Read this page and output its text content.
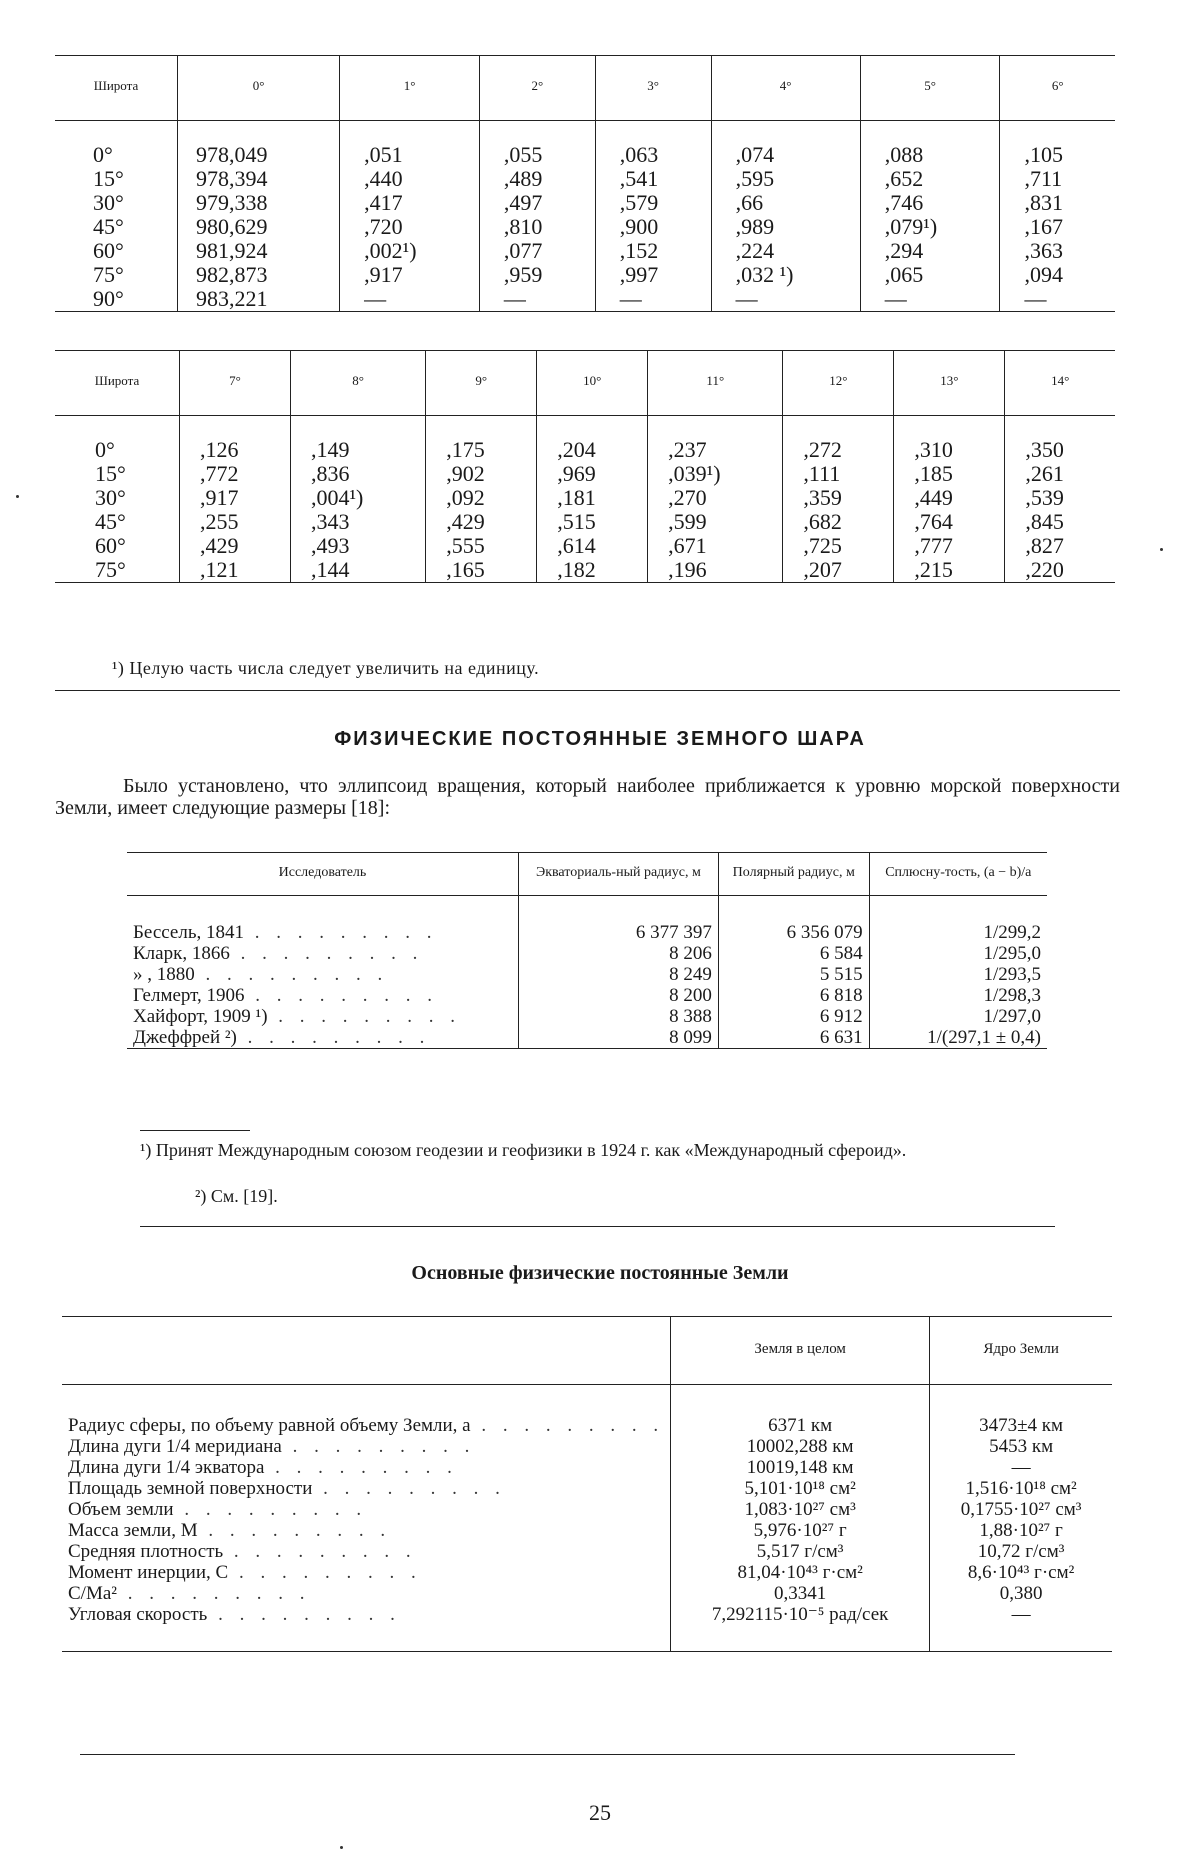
Широта	0°	1°	2°	3°	4°	5°	6°
0°	978,049	,051	,055	,063	,074	,088	,105
15°	978,394	,440	,489	,541	,595	,652	,711
30°	979,338	,417	,497	,579	,66	,746	,831
45°	980,629	,720	,810	,900	,989	,079¹)	,167
60°	981,924	,002¹)	,077	,152	,224	,294	,363
75°	982,873	,917	,959	,997	,032 ¹)	,065	,094
90°	983,221	—	—	—	—	—	—
Широта	7°	8°	9°	10°	11°	12°	13°	14°
0°	,126	,149	,175	,204	,237	,272	,310	,350
15°	,772	,836	,902	,969	,039¹)	,111	,185	,261
30°	,917	,004¹)	,092	,181	,270	,359	,449	,539
45°	,255	,343	,429	,515	,599	,682	,764	,845
60°	,429	,493	,555	,614	,671	,725	,777	,827
75°	,121	,144	,165	,182	,196	,207	,215	,220
¹) Целую часть числа следует увеличить на единицу.
ФИЗИЧЕСКИЕ ПОСТОЯННЫЕ ЗЕМНОГО ШАРА
Было установлено, что эллипсоид вращения, который наиболее приближается к уровню морской поверхности Земли, имеет следующие размеры [18]:
Исследователь	Экваториаль-ный радиус, м	Полярный радиус, м	Сплюсну-тость, (a − b)/a
Бессель, 1841 . . . . . . . . .	6 377 397	6 356 079	1/299,2
Кларк, 1866 . . . . . . . . .	8 206	6 584	1/295,0
» , 1880 . . . . . . . . .	8 249	5 515	1/293,5
Гелмерт, 1906 . . . . . . . . .	8 200	6 818	1/298,3
Хайфорт, 1909 ¹) . . . . . . . . .	8 388	6 912	1/297,0
Джеффрей ²) . . . . . . . . .	8 099	6 631	1/(297,1 ± 0,4)
¹) Принят Международным союзом геодезии и геофизики в 1924 г. как «Международный сфероид».
²) См. [19].
Основные физические постоянные Земли
	Земля в целом	Ядро Земли
Радиус сферы, по объему равной объему Земли, a . . . . . . . . .	6371 км	3473±4 км
Длина дуги 1/4 меридиана . . . . . . . . .	10002,288 км	5453 км
Длина дуги 1/4 экватора . . . . . . . . .	10019,148 км	—
Площадь земной поверхности . . . . . . . . .	5,101·10¹⁸ см²	1,516·10¹⁸ см²
Объем земли . . . . . . . . .	1,083·10²⁷ см³	0,1755·10²⁷ см³
Масса земли, M . . . . . . . . .	5,976·10²⁷ г	1,88·10²⁷ г
Средняя плотность . . . . . . . . .	5,517 г/см³	10,72 г/см³
Момент инерции, C . . . . . . . . .	81,04·10⁴³ г·см²	8,6·10⁴³ г·см²
C/Ma² . . . . . . . . .	0,3341	0,380
Угловая скорость . . . . . . . . .	7,292115·10⁻⁵ рад/сек	—
25
